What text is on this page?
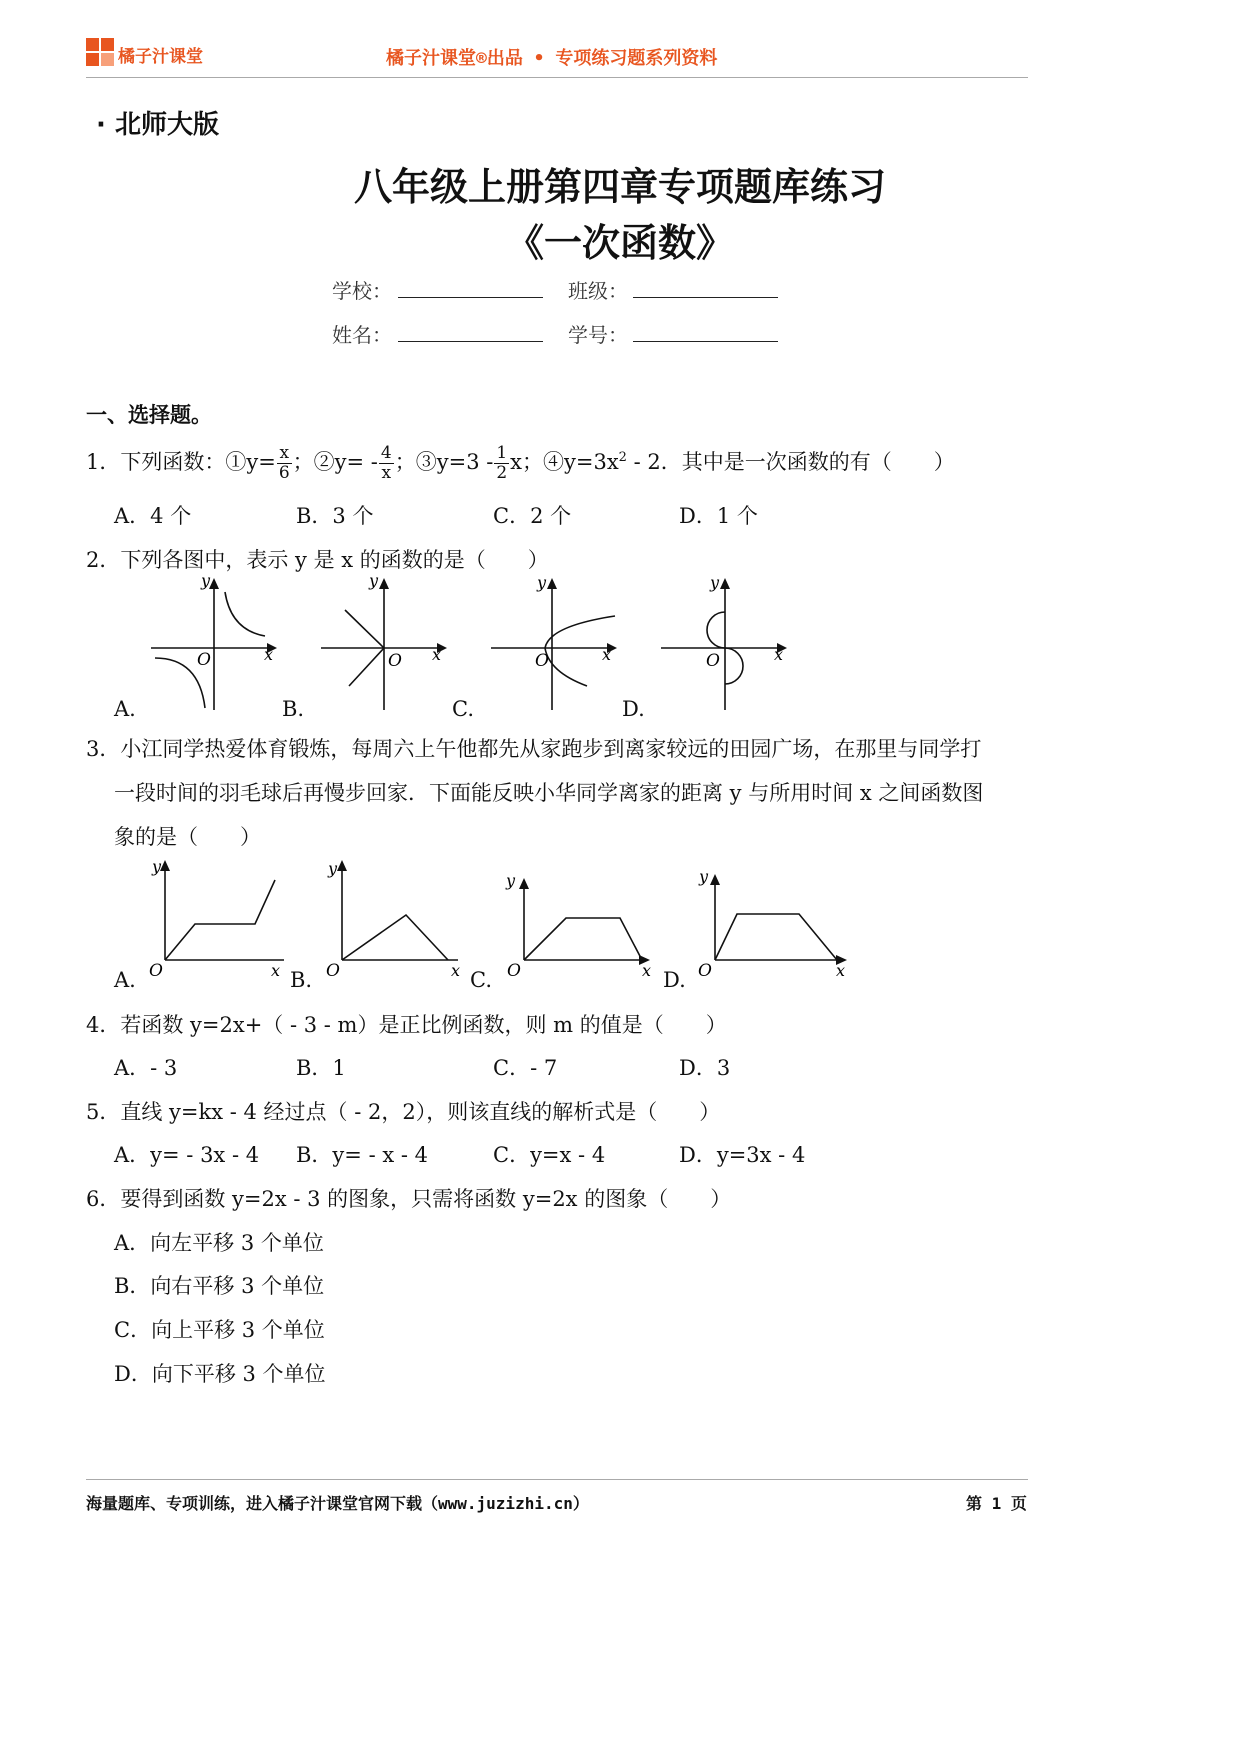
橘子汁课堂	橘子汁课堂®出品 • 专项练习题系列资料
· 北师大版
八年级上册第四章专项题库练习
《一次函数》
学校：	班级：
姓名：	学号：
一、选择题。
1．下列函数：①y= $\frac{x}{6}$ ；②y= - $\frac{4}{x}$ ；③y=3 - $\frac{1}{2}$ x；$④y=3x^2 - 2$．其中是一次函数的有（　　）
A．4 个	B．3 个	C．2 个	D．1 个
2．下列各图中，表示 y 是 x 的函数的是（　　）
y
x
O
y
x
O
y
x
O
y
x
O
A.	B.	C.	D.
3．小江同学热爱体育锻炼，每周六上午他都先从家跑步到离家较远的田园广场，在那里与同学打
一段时间的羽毛球后再慢步回家．下面能反映小华同学离家的距离 y 与所用时间 x 之间函数图
象的是（　　）
y
x
O
y
x
O
y
x
O
y
x
O
A.	B.	C.	D.
4．若函数 y=2x+（ - 3 - m）是正比例函数，则 m 的值是（　　）
A．- 3	B．1	C．- 7	D．3
5．直线 y=kx - 4 经过点（ - 2，2），则该直线的解析式是（　　）
A．y= - 3x - 4 B．y= - x - 4	C．y=x - 4	D．y=3x - 4
6．要得到函数 y=2x - 3 的图象，只需将函数 y=2x 的图象（　　）
A．向左平移 3 个单位
B．向右平移 3 个单位
C．向上平移 3 个单位
D．向下平移 3 个单位
海量题库、专项训练，进入橘子汁课堂官网下载（www.juzizhi.cn）	第 1 页
